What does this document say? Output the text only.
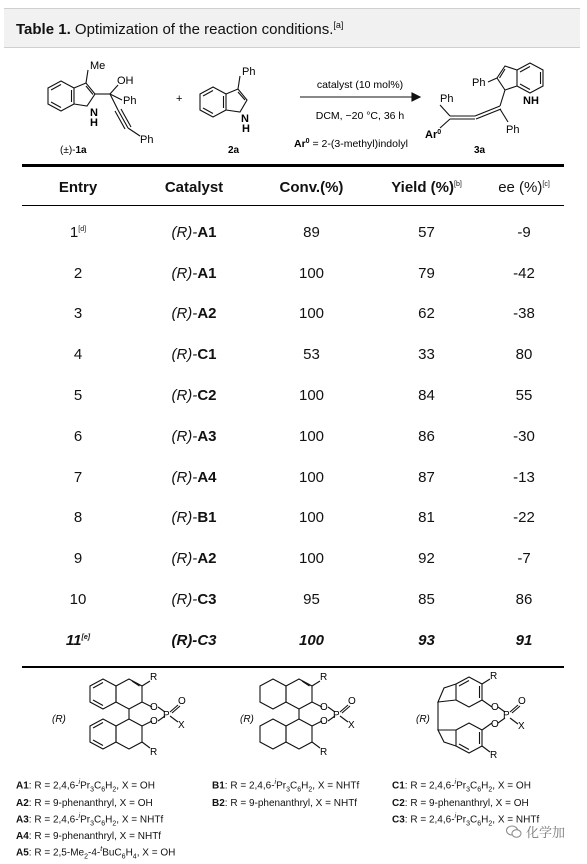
Table 1. Optimization of the reaction conditions.[a]
Me
OH
Ph
Ph
N
H
(±)-1a
+
Ph
N
H
2a
catalyst (10 mol%)
DCM, −20 °C, 36 h
$Ar^0$ = 2-(3-methyl)indolyl
Ph
Ph
Ph
Ar$^0$
NH
3a
Entry	Catalyst	Conv.(%)	Yield (%)[b]	ee (%)[c]

1[d]	(R)-A1	89	57	-9
2	(R)-A1	100	79	-42
3	(R)-A2	100	62	-38
4	(R)-C1	53	33	80
5	(R)-C2	100	84	55
6	(R)-A3	100	86	-30
7	(R)-A4	100	87	-13
8	(R)-B1	100	81	-22
9	(R)-A2	100	92	-7
10	(R)-C3	95	85	86
11[e]	(R)-C3	100	93	91
(R)
R
O
P
O
X
O
R
(R)
R
O
P
O
X
O
R
(R)
R
O
P
O
X
O
R
A1: $R = 2,4,6-^iPr_3C_6H_2$, X = OH
A2: R = 9-phenanthryl, X = OH
A3: $R = 2,4,6-^iPr_3C_6H_2$, X = NHTf
A4: R = 9-phenanthryl, X = NHTf
A5: $R = 2,5-Me_2-4-^tBuC_6H_4$, X = OH
B1: $R = 2,4,6-^iPr_3C_6H_2$, X = NHTf
B2: R = 9-phenanthryl, X = NHTf
C1: $R = 2,4,6-^iPr_3C_6H_2$, X = OH
C2: R = 9-phenanthryl, X = OH
C3: $R = 2,4,6-^iPr_3C_6H_2$, X = NHTf
化学加
